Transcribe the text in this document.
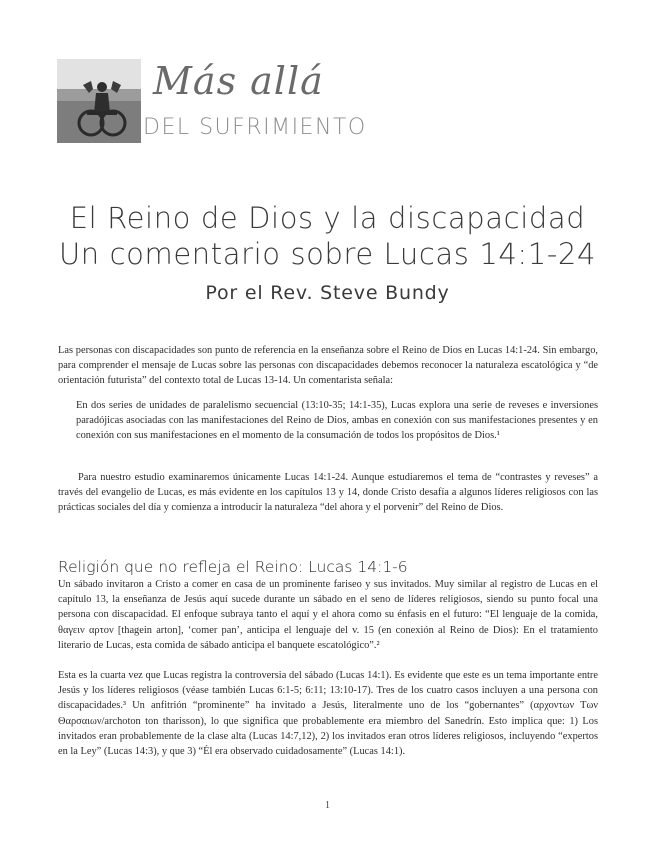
Más allá
DEL SUFRIMIENTO

El Reino de Dios y la discapacidad

Un comentario sobre Lucas 14:1-24

Por el Rev. Steve Bundy

Las personas con discapacidades son punto de referencia en la enseñanza sobre el Reino de Dios en Lucas 14:1-24. Sin embargo, para comprender el mensaje de Lucas sobre las personas con discapacidades debemos reconocer la naturaleza escatológica y “de orientación futurista” del contexto total de Lucas 13-14. Un comentarista señala:

En dos series de unidades de paralelismo secuencial (13:10-35; 14:1-35), Lucas explora una serie de reveses e inversiones paradójicas asociadas con las manifestaciones del Reino de Dios, ambas en conexión con sus manifestaciones presentes y en conexión con sus manifestaciones en el momento de la consumación de todos los propósitos de Dios.¹

Para nuestro estudio examinaremos únicamente Lucas 14:1-24. Aunque estudiaremos el tema de “contrastes y reveses” a través del evangelio de Lucas, es más evidente en los capítulos 13 y 14, donde Cristo desafía a algunos líderes religiosos con las prácticas sociales del día y comienza a introducir la naturaleza “del ahora y el porvenir” del Reino de Dios.

Religión que no refleja el Reino: Lucas 14:1-6

Un sábado invitaron a Cristo a comer en casa de un prominente fariseo y sus invitados. Muy similar al registro de Lucas en el capítulo 13, la enseñanza de Jesús aquí sucede durante un sábado en el seno de líderes religiosos, siendo su punto focal una persona con discapacidad. El enfoque subraya tanto el aquí y el ahora como su énfasis en el futuro: “El lenguaje de la comida, θαγειν αρτον [thagein arton], ‘comer pan’, anticipa el lenguaje del v. 15 (en conexión al Reino de Dios): En el tratamiento literario de Lucas, esta comida de sábado anticipa el banquete escatológico”.²

Esta es la cuarta vez que Lucas registra la controversia del sábado (Lucas 14:1). Es evidente que este es un tema importante entre Jesús y los líderes religiosos (véase también Lucas 6:1-5; 6:11; 13:10-17). Tres de los cuatro casos incluyen a una persona con discapacidades.³ Un anfitrión “prominente” ha invitado a Jesús, literalmente uno de los “gobernantes” (αρχοντων Των Θαρσαιων/archoton ton tharisson), lo que significa que probablemente era miembro del Sanedrín. Esto implica que: 1) Los invitados eran probablemente de la clase alta (Lucas 14:7,12), 2) los invitados eran otros líderes religiosos, incluyendo “expertos en la Ley” (Lucas 14:3), y que 3) “Él era observado cuidadosamente” (Lucas 14:1).

1
